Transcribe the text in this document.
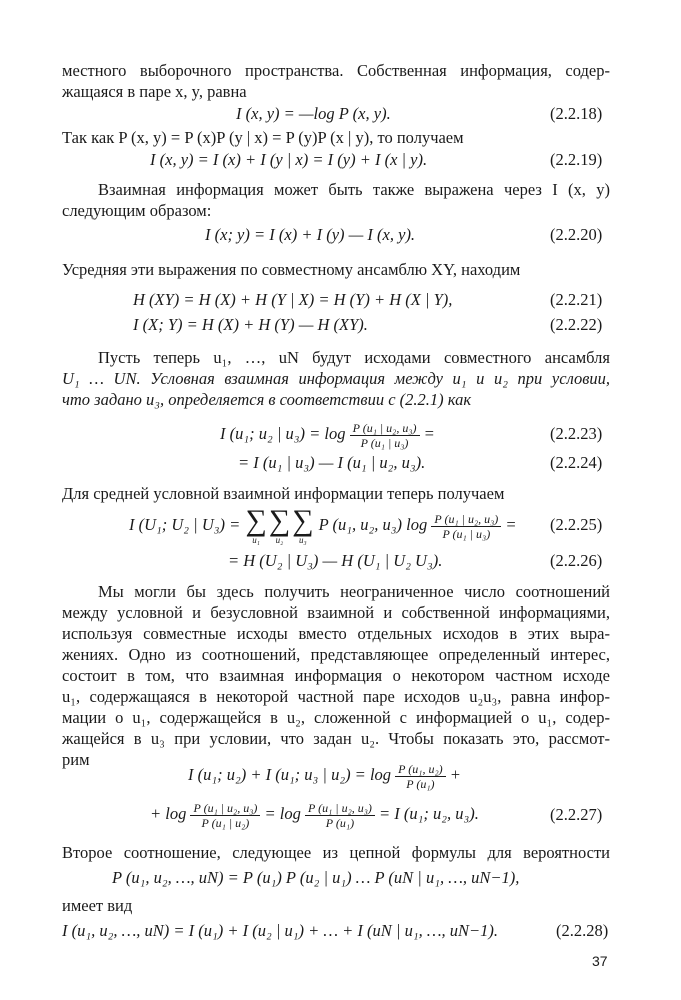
местного выборочного пространства. Собственная информация, содер-
жащаяся в паре x, y, равна
I (x, y) = —log P (x, y).	(2.2.18)
Так как P (x, y) = P (x)P (y | x) = P (y)P (x | y), то получаем
I (x, y) = I (x) + I (y | x) = I (y) + I (x | y).	(2.2.19)
Взаимная информация может быть также выражена через I (x, y)
следующим образом:
I (x; y) = I (x) + I (y) — I (x, y).	(2.2.20)
Усредняя эти выражения по совместному ансамблю XY, находим
H (XY) = H (X) + H (Y | X) = H (Y) + H (X | Y),	(2.2.21)
I (X; Y) = H (X) + H (Y) — H (XY).	(2.2.22)
Пусть теперь u₁, …, uN будут исходами совместного ансамбля
U₁ … UN. Условная взаимная информация между u₁ и u₂ при условии,
что задано u₃, определяется в соответствии с (2.2.1) как
I (u₁; u₂ | $u_3) = \log \frac{\text{P (u₁ | u₂, u₃)}}{\text{P (u₁ | u₃)}}$ =	(2.2.23)
= I (u₁ | u₃) — I (u₁ | u₂, u₃).	(2.2.24)
Для средней условной взаимной информации теперь получаем
I (U₁; U₂ | U₃) = ∑
u₁
∑
u₂
∑
u₃
P (u₁, u₂, u₃) $\log \frac{\text{P (u₁ | u₂, u₃)}}{\text{P (u₁ | u₃)}} = (2.2.25)$
= H (U₂ | U₃) — H (U₁ | U₂ U₃).	(2.2.26)
Мы могли бы здесь получить неограниченное число соотношений
между условной и безусловной взаимной и собственной информациями,
используя совместные исходы вместо отдельных исходов в этих выра-
жениях. Одно из соотношений, представляющее определенный интерес,
состоит в том, что взаимная информация о некотором частном исходе
u₁, содержащаяся в некоторой частной паре исходов u₂u₃, равна инфор-
мации о u₁, содержащейся в u₂, сложенной с информацией о u₁, содер-
жащейся в u₃ при условии, что задан u₂. Чтобы показать это, рассмот-
рим
I (u₁; u₂) + I (u₁; u₃ | $u_2) = \log \frac{\text{P (u₁, u₂)}}{\text{P (u₁)}}$ +
+ $\log \frac{\text{P (u₁ | u₂, u₃)}}{\text{P (u₁ | u₂)}} = \log \frac{\text{P (u₁ | u₂, u₃)}}{\text{P (u₁)}} = I$ (u₁; u₂, u₃).	(2.2.27)
Второе соотношение, следующее из цепной формулы для вероятности
P (u₁, u₂, …, uN) = P (u₁) P (u₂ | u₁) … P (uN | u₁, …, uN−1),
имеет вид
I (u₁, u₂, …, uN) = I (u₁) + I (u₂ | u₁) + … + I (uN | u₁, …, uN−1).	(2.2.28)
37
